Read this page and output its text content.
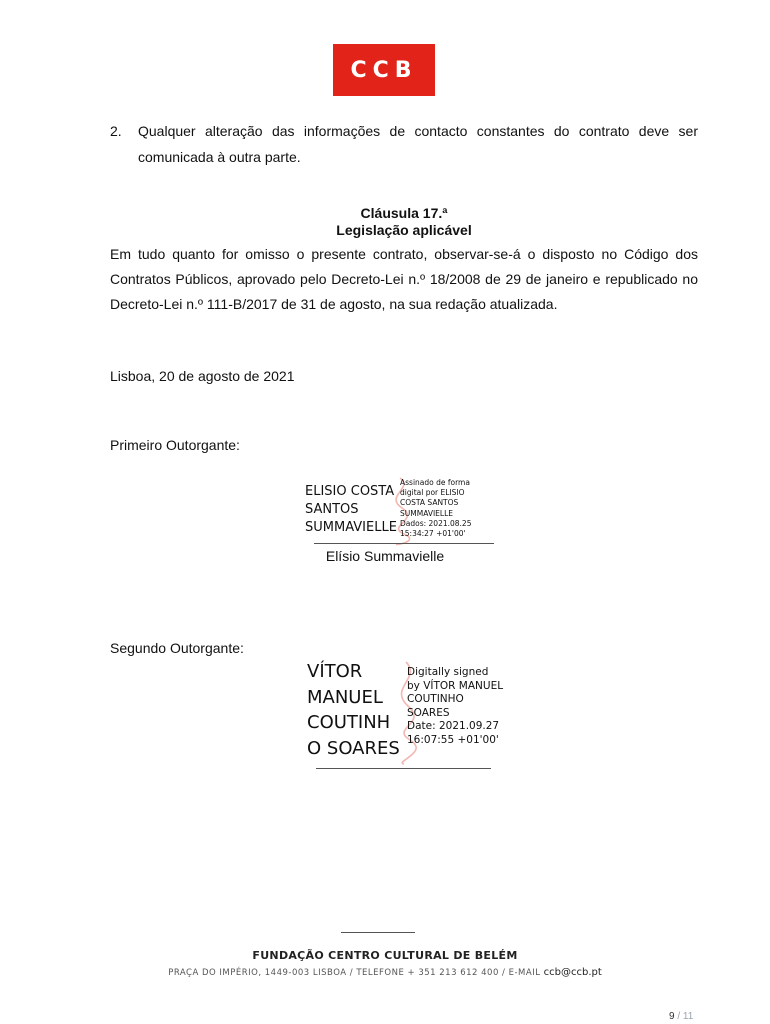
CCB
2. Qualquer alteração das informações de contacto constantes do contrato deve ser comunicada à outra parte.
Cláusula 17.ª
Legislação aplicável
Em tudo quanto for omisso o presente contrato, observar-se-á o disposto no Código dos Contratos Públicos, aprovado pelo Decreto-Lei n.º 18/2008 de 29 de janeiro e republicado no Decreto-Lei n.º 111-B/2017 de 31 de agosto, na sua redação atualizada.
Lisboa, 20 de agosto de 2021
Primeiro Outorgante:
ELISIO COSTA
SANTOS
SUMMAVIELLE
Assinado de forma
digital por ELISIO
COSTA SANTOS
SUMMAVIELLE
Dados: 2021.08.25
15:34:27 +01'00'
Elísio Summavielle
Segundo Outorgante:
VÍTOR
MANUEL
COUTINH
O SOARES
Digitally signed
by VÍTOR MANUEL
COUTINHO
SOARES
Date: 2021.09.27
16:07:55 +01'00'
FUNDAÇÃO CENTRO CULTURAL DE BELÉM
PRAÇA DO IMPÉRIO, 1449-003 LISBOA / TELEFONE + 351 213 612 400 / E-MAIL ccb@ccb.pt
9 / 11
